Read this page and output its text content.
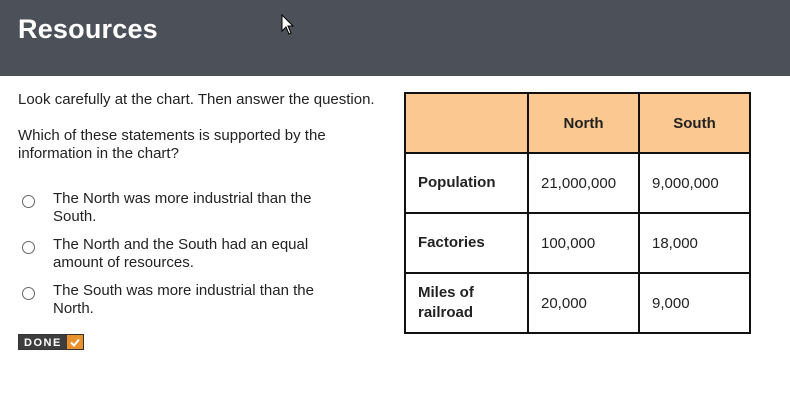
Resources

Look carefully at the chart. Then answer the question.

Which of these statements is supported by the information in the chart?

The North was more industrial than the South.
The North and the South had an equal amount of resources.
The South was more industrial than the North.
DONE
	North	South
Population	21,000,000	9,000,000
Factories	100,000	18,000
Miles of railroad	20,000	9,000
